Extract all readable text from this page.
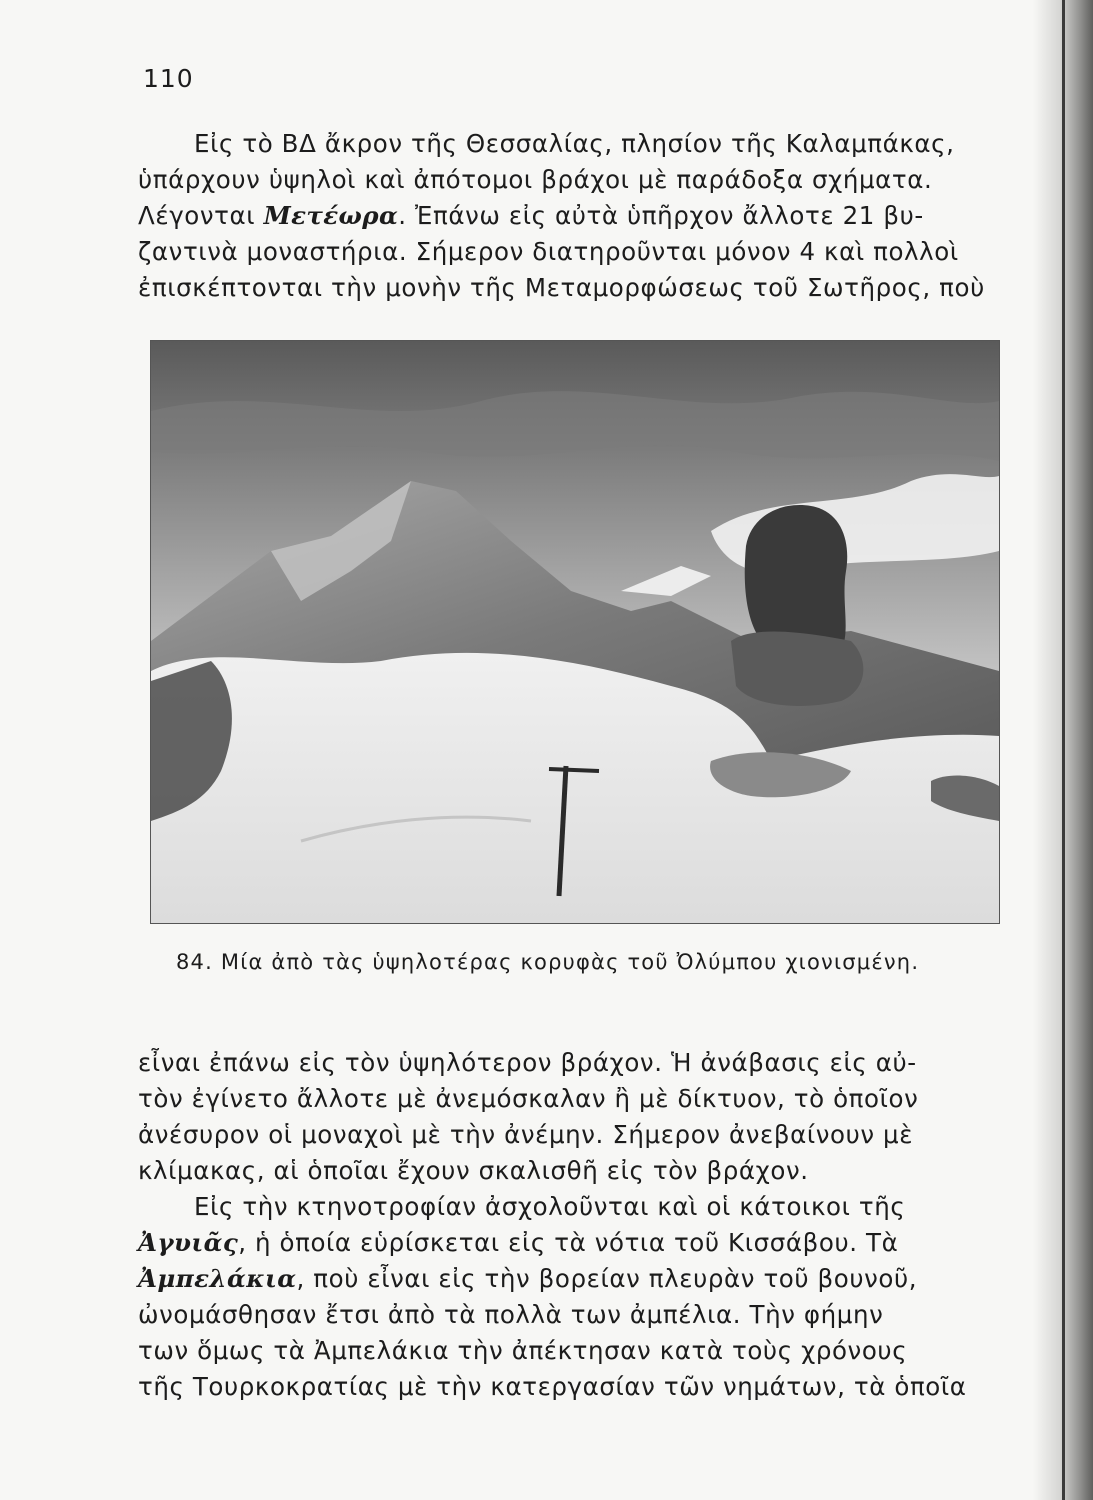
110
Εἰς τὸ ΒΔ ἄκρον τῆς Θεσσαλίας, πλησίον τῆς Καλαμπάκας,
ὑπάρχουν ὑψηλοὶ καὶ ἀπότομοι βράχοι μὲ παράδοξα σχήματα.
Λέγονται Μετέωρα. Ἐπάνω εἰς αὐτὰ ὑπῆρχον ἄλλοτε 21 βυ-
ζαντινὰ μοναστήρια. Σήμερον διατηροῦνται μόνον 4 καὶ πολλοὶ
ἐπισκέπτονται τὴν μονὴν τῆς Μεταμορφώσεως τοῦ Σωτῆρος, ποὺ
84. Μία ἀπὸ τὰς ὑψηλοτέρας κορυφὰς τοῦ Ὀλύμπου χιονισμένη.
εἶναι ἐπάνω εἰς τὸν ὑψηλότερον βράχον. Ἡ ἀνάβασις εἰς αὐ-
τὸν ἐγίνετο ἄλλοτε μὲ ἀνεμόσκαλαν ἢ μὲ δίκτυον, τὸ ὁποῖον
ἀνέσυρον οἱ μοναχοὶ μὲ τὴν ἀνέμην. Σήμερον ἀνεβαίνουν μὲ
κλίμακας, αἱ ὁποῖαι ἔχουν σκαλισθῆ εἰς τὸν βράχον.
Εἰς τὴν κτηνοτροφίαν ἀσχολοῦνται καὶ οἱ κάτοικοι τῆς
Ἀγυιᾶς, ἡ ὁποία εὑρίσκεται εἰς τὰ νότια τοῦ Κισσάβου. Τὰ
Ἀμπελάκια, ποὺ εἶναι εἰς τὴν βορείαν πλευρὰν τοῦ βουνοῦ,
ὠνομάσθησαν ἔτσι ἀπὸ τὰ πολλὰ των ἀμπέλια. Τὴν φήμην
των ὅμως τὰ Ἀμπελάκια τὴν ἀπέκτησαν κατὰ τοὺς χρόνους
τῆς Τουρκοκρατίας μὲ τὴν κατεργασίαν τῶν νημάτων, τὰ ὁποῖα
